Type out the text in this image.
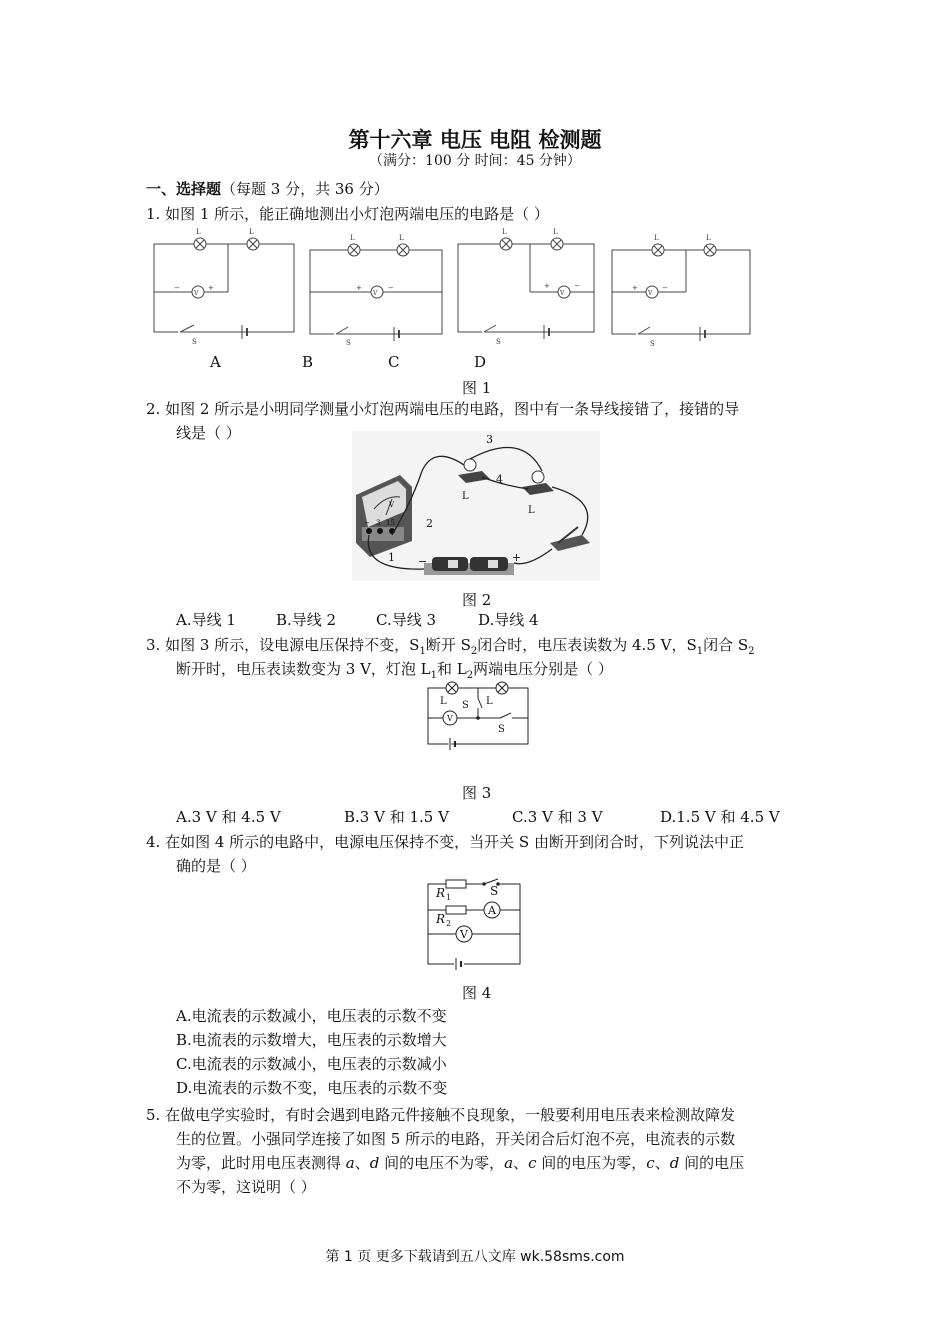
第十六章 电压 电阻 检测题
（满分：100 分 时间：45 分钟）
一、选择题（每题 3 分，共 36 分）
1. 如图 1 所示，能正确地测出小灯泡两端电压的电路是（ ）
L	L
V
−	+
S
L	L
V
+	−
S
L	L
V
+	−
S
L	L
V
+	−
S
A	B	C	D
图 1
2. 如图 2 所示是小明同学测量小灯泡两端电压的电路，图中有一条导线接错了，接错的导
线是（ ）
V
− 3 15
−	+
L
L
1
2
3
4
图 2
A.导线 1	B.导线 2	C.导线 3	D.导线 4
3. 如图 3 所示，设电源电压保持不变，$S_1$断开 $S_2$闭合时，电压表读数为 4.5 V，$S_1$闭合 $S_2$
断开时，电压表读数变为 3 V，灯泡 $L_1$和 $L_2$两端电压分别是（ ）
V
L	L
S
S
图 3
A.3 V 和 4.5 V	B.3 V 和 1.5 V	C.3 V 和 3 V	D.1.5 V 和 4.5 V
4. 在如图 4 所示的电路中，电源电压保持不变，当开关 S 由断开到闭合时，下列说法中正
确的是（ ）
A
V
R 1
R 2
S
图 4
A.电流表的示数减小，电压表的示数不变
B.电流表的示数增大，电压表的示数增大
C.电流表的示数减小，电压表的示数减小
D.电流表的示数不变，电压表的示数不变
5. 在做电学实验时，有时会遇到电路元件接触不良现象，一般要利用电压表来检测故障发
生的位置。小强同学连接了如图 5 所示的电路，开关闭合后灯泡不亮，电流表的示数
为零，此时用电压表测得 a、d 间的电压不为零，a、c 间的电压为零，c、d 间的电压
不为零，这说明（ ）
第 1 页 更多下载请到五八文库 wk.58sms.com
